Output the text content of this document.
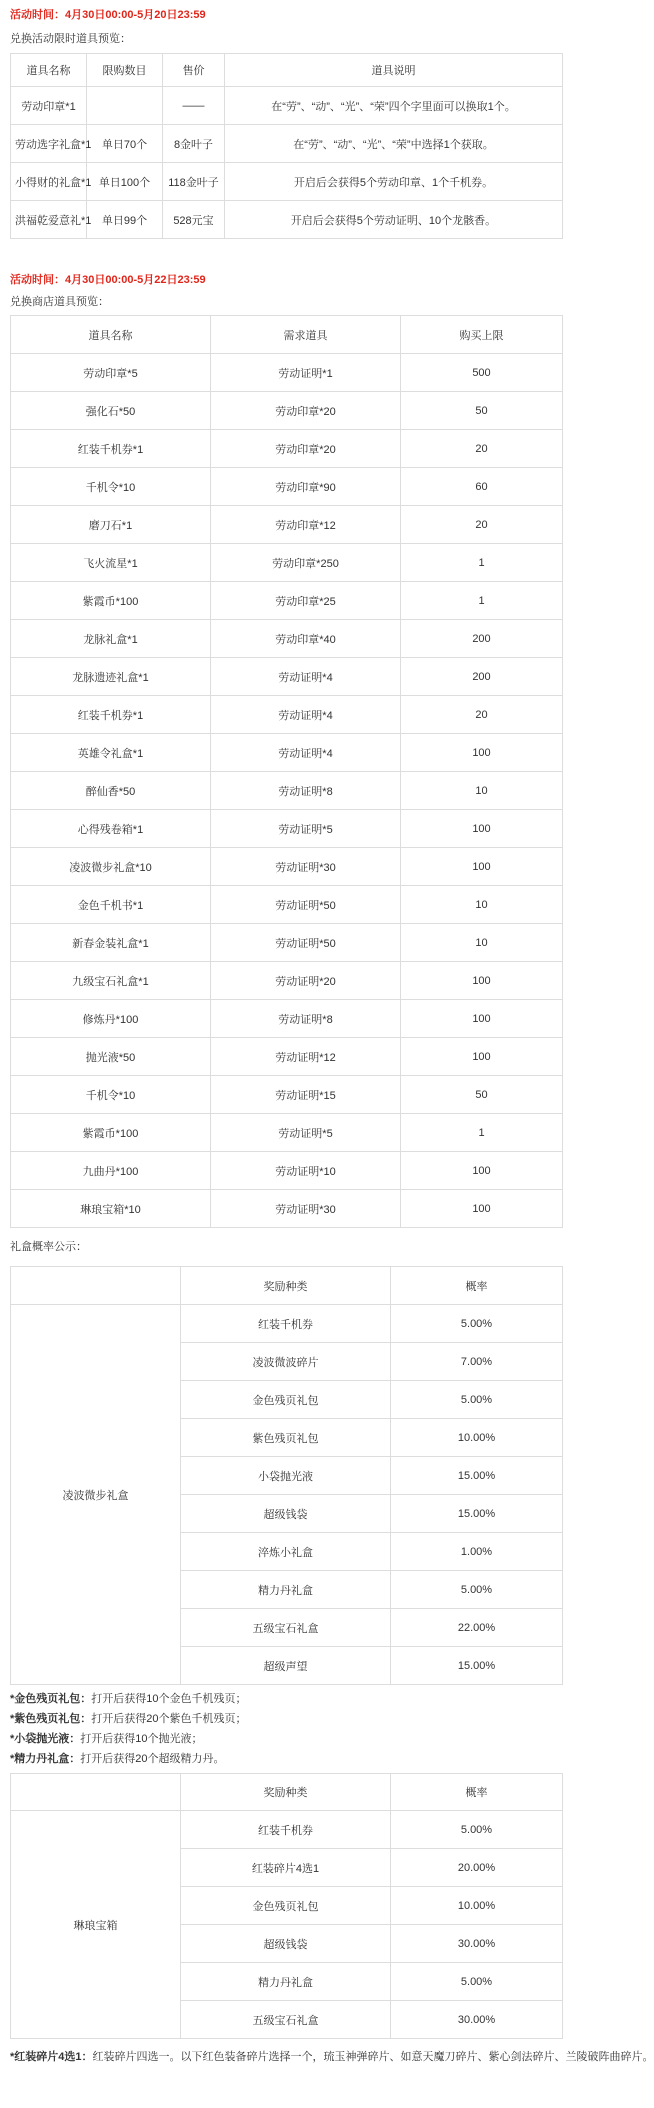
活动时间：4月30日00:00-5月20日23:59

兑换活动限时道具预览：

道具名称	限购数目	售价	道具说明
劳动印章*1		——	在“劳”、“动”、“光”、“荣”四个字里面可以换取1个。
劳动选字礼盒*1	单日70个	8金叶子	在“劳”、“动”、“光”、“荣”中选择1个获取。
小得财的礼盒*1	单日100个	118金叶子	开启后会获得5个劳动印章、1个千机券。
洪福乾爱意礼*1	单日99个	528元宝	开启后会获得5个劳动证明、10个龙骸香。

活动时间：4月30日00:00-5月22日23:59

兑换商店道具预览：

道具名称	需求道具	购买上限
劳动印章*5	劳动证明*1	500
强化石*50	劳动印章*20	50
红装千机券*1	劳动印章*20	20
千机令*10	劳动印章*90	60
磨刀石*1	劳动印章*12	20
飞火流星*1	劳动印章*250	1
紫霞币*100	劳动印章*25	1
龙脉礼盒*1	劳动印章*40	200
龙脉遗迹礼盒*1	劳动证明*4	200
红装千机券*1	劳动证明*4	20
英雄令礼盒*1	劳动证明*4	100
醉仙香*50	劳动证明*8	10
心得残卷箱*1	劳动证明*5	100
凌波微步礼盒*10	劳动证明*30	100
金色千机书*1	劳动证明*50	10
新春金装礼盒*1	劳动证明*50	10
九级宝石礼盒*1	劳动证明*20	100
修炼丹*100	劳动证明*8	100
抛光液*50	劳动证明*12	100
千机令*10	劳动证明*15	50
紫霞币*100	劳动证明*5	1
九曲丹*100	劳动证明*10	100
琳琅宝箱*10	劳动证明*30	100

礼盒概率公示：

	奖励种类	概率
凌波微步礼盒	红装千机券	5.00%
	凌波微波碎片	7.00%
	金色残页礼包	5.00%
	紫色残页礼包	10.00%
	小袋抛光液	15.00%
	超级钱袋	15.00%
	淬炼小礼盒	1.00%
	精力丹礼盒	5.00%
	五级宝石礼盒	22.00%
	超级声望	15.00%

*金色残页礼包：打开后获得10个金色千机残页；

*紫色残页礼包：打开后获得20个紫色千机残页；

*小袋抛光液：打开后获得10个抛光液；

*精力丹礼盒：打开后获得20个超级精力丹。

	奖励种类	概率
琳琅宝箱	红装千机券	5.00%
	红装碎片4选1	20.00%
	金色残页礼包	10.00%
	超级钱袋	30.00%
	精力丹礼盒	5.00%
	五级宝石礼盒	30.00%

*红装碎片4选1：红装碎片四选一。以下红色装备碎片选择一个，琉玉神弹碎片、如意天魔刀碎片、紫心剑法碎片、兰陵破阵曲碎片。
